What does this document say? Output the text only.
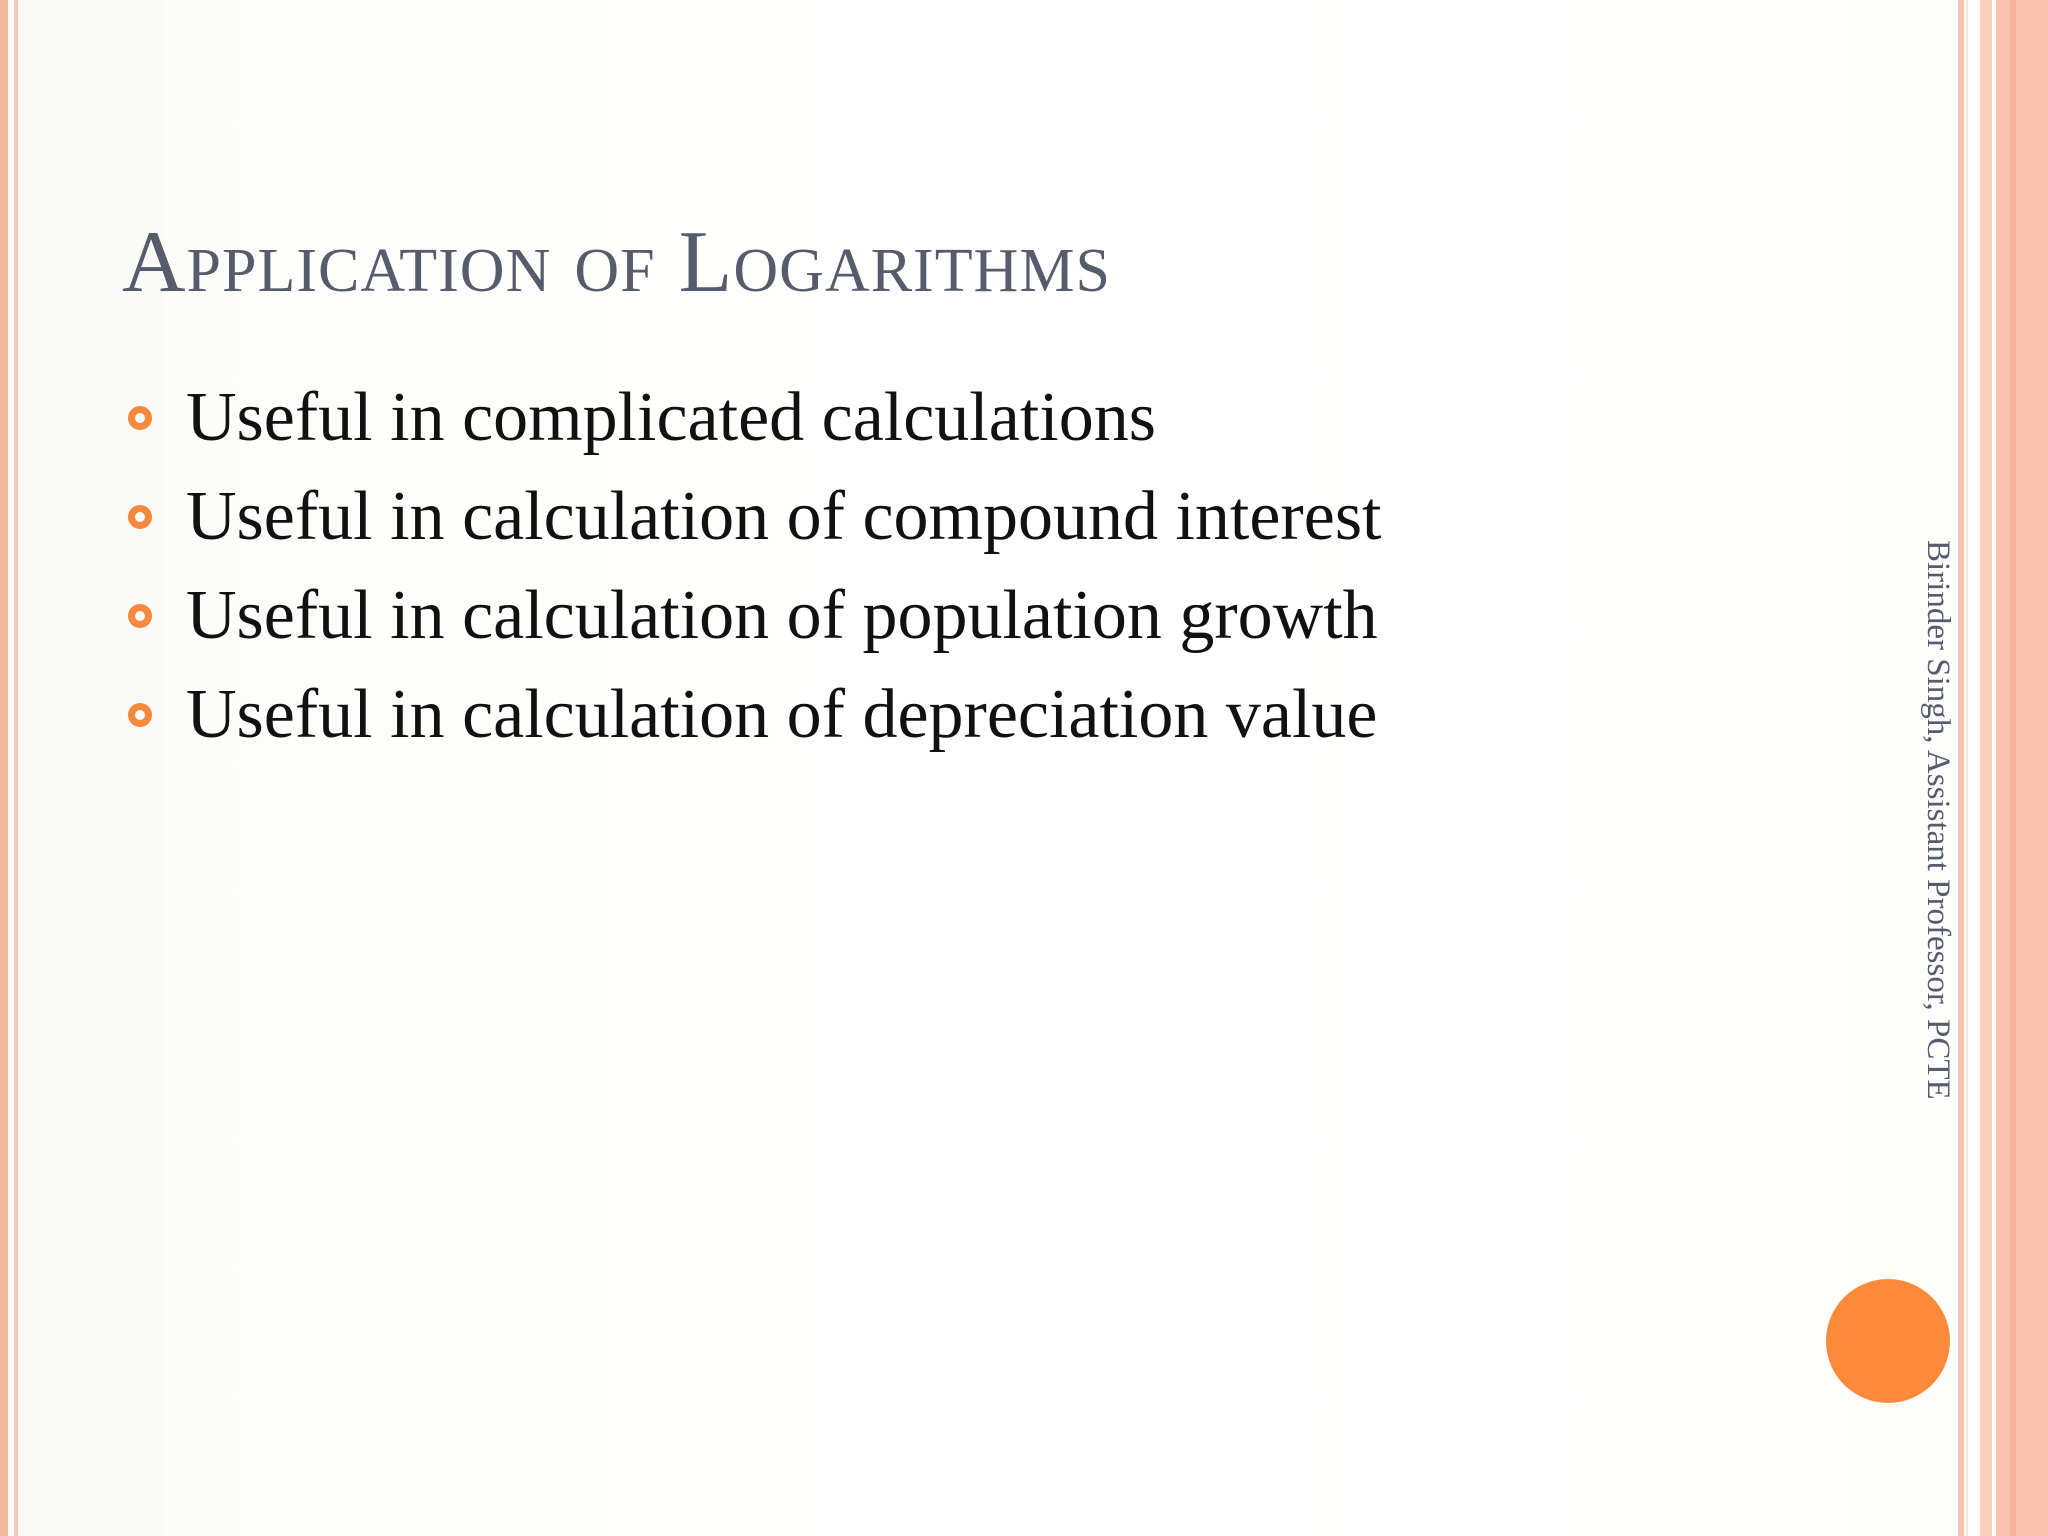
Application of Logarithms
Useful in complicated calculations
Useful in calculation of compound interest
Useful in calculation of population growth
Useful in calculation of depreciation value	Birinder Singh, Assistant Professor, PCTE
